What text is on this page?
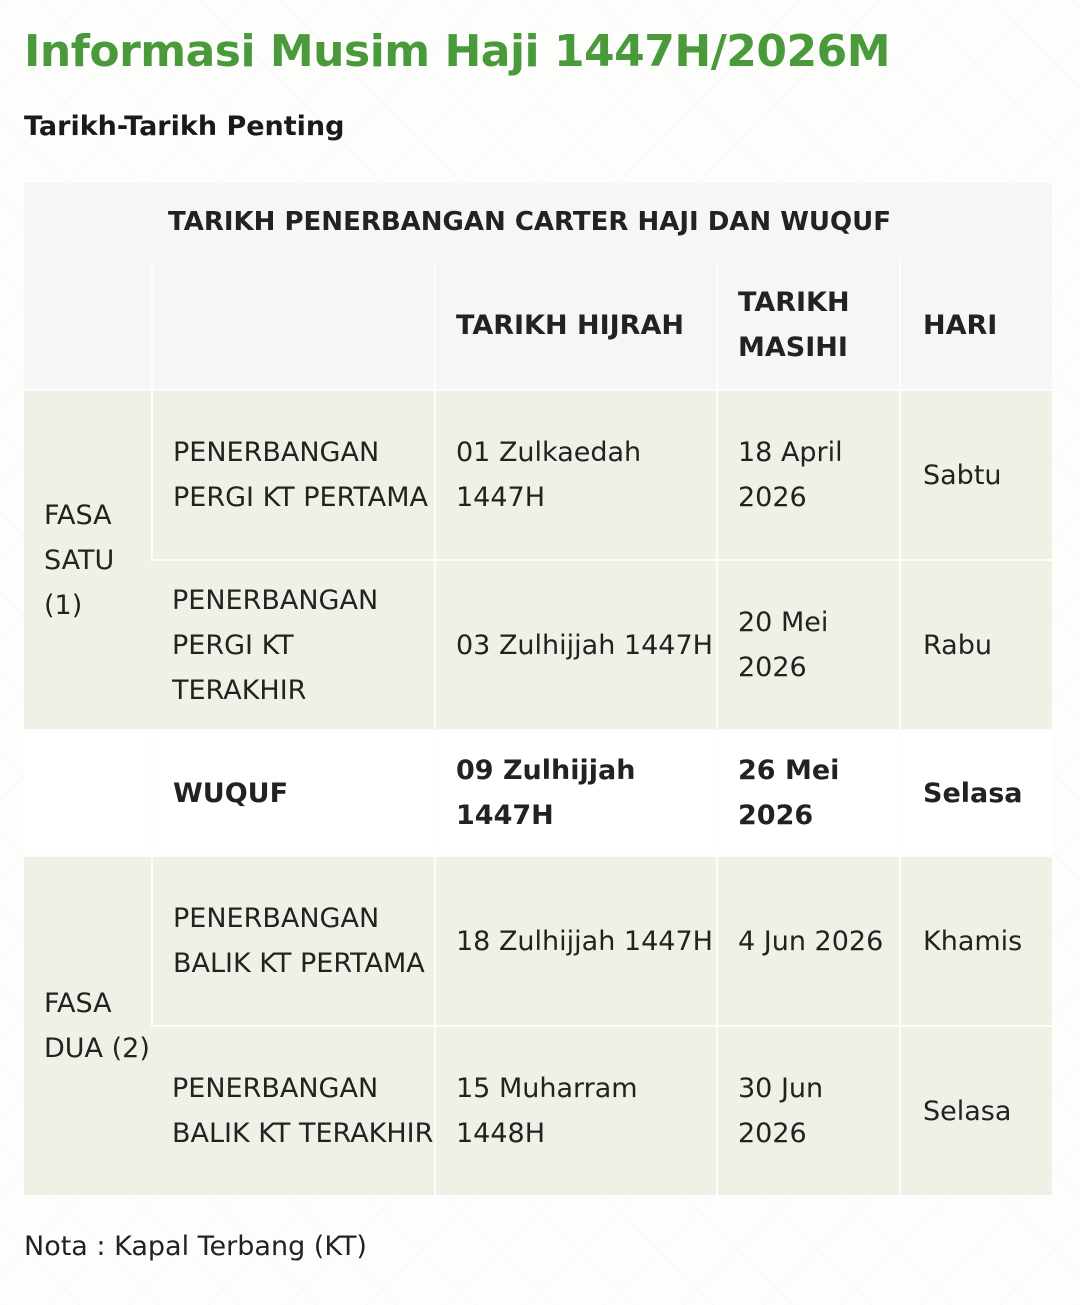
Informasi Musim Haji 1447H/2026M
Tarikh-Tarikh Penting
TARIKH PENERBANGAN CARTER HAJI DAN WUQUF				
		TARIKH HIJRAH	TARIKH MASIHI	HARI
FASA SATU (1)	PENERBANGAN PERGI KT PERTAMA	01 Zulkaedah 1447H	18 April 2026	Sabtu
	PENERBANGAN PERGI KT TERAKHIR	03 Zulhijjah 1447H	20 Mei 2026	Rabu
	WUQUF	09 Zulhijjah 1447H	26 Mei 2026	Selasa
FASA DUA (2)	PENERBANGAN BALIK KT PERTAMA	18 Zulhijjah 1447H	4 Jun 2026	Khamis
	PENERBANGAN BALIK KT TERAKHIR	15 Muharram 1448H	30 Jun 2026	Selasa

Nota : Kapal Terbang (KT)
